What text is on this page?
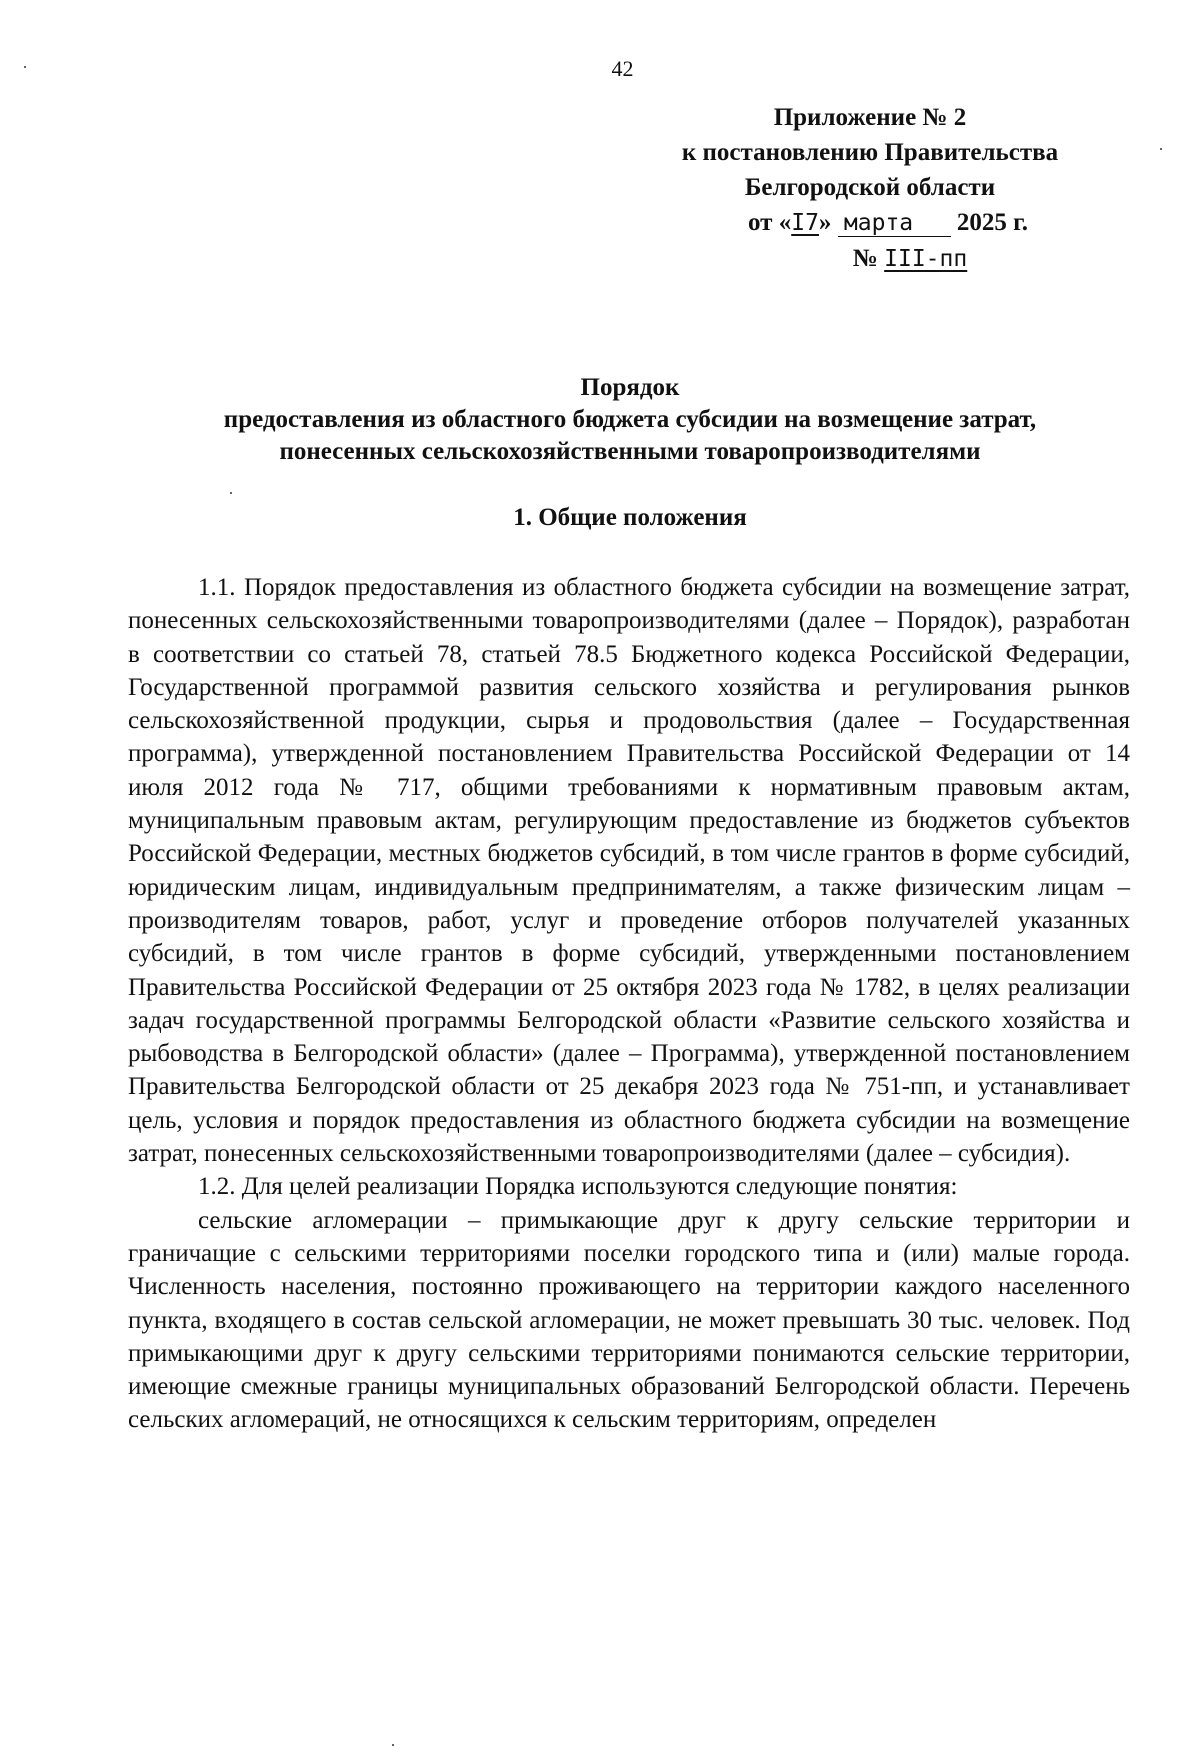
42
Приложение № 2
к постановлению Правительства
Белгородской области
от «I7» марта 2025 г.
№ III-пп
Порядок
предоставления из областного бюджета субсидии на возмещение затрат,
понесенных сельскохозяйственными товаропроизводителями
1. Общие положения

1.1. Порядок предоставления из областного бюджета субсидии на возмещение затрат, понесенных сельскохозяйственными товаропроизводителями (далее – Порядок), разработан в соответствии со статьей 78, статьей 78.5 Бюджетного кодекса Российской Федерации, Государственной программой развития сельского хозяйства и регулирования рынков сельскохозяйственной продукции, сырья и продовольствия (далее – Государственная программа), утвержденной постановлением Правительства Российской Федерации от 14 июля 2012 года № 717, общими требованиями к нормативным правовым актам, муниципальным правовым актам, регулирующим предоставление из бюджетов субъектов Российской Федерации, местных бюджетов субсидий, в том числе грантов в форме субсидий, юридическим лицам, индивидуальным предпринимателям, а также физическим лицам – производителям товаров, работ, услуг и проведение отборов получателей указанных субсидий, в том числе грантов в форме субсидий, утвержденными постановлением Правительства Российской Федерации от 25 октября 2023 года № 1782, в целях реализации задач государственной программы Белгородской области «Развитие сельского хозяйства и рыбоводства в Белгородской области» (далее – Программа), утвержденной постановлением Правительства Белгородской области от 25 декабря 2023 года № 751-пп, и устанавливает цель, условия и порядок предоставления из областного бюджета субсидии на возмещение затрат, понесенных сельскохозяйственными товаропроизводителями (далее – субсидия).

1.2. Для целей реализации Порядка используются следующие понятия:

сельские агломерации – примыкающие друг к другу сельские территории и граничащие с сельскими территориями поселки городского типа и (или) малые города. Численность населения, постоянно проживающего на территории каждого населенного пункта, входящего в состав сельской агломерации, не может превышать 30 тыс. человек. Под примыкающими друг к другу сельскими территориями понимаются сельские территории, имеющие смежные границы муниципальных образований Белгородской области. Перечень сельских агломераций, не относящихся к сельским территориям, определен
